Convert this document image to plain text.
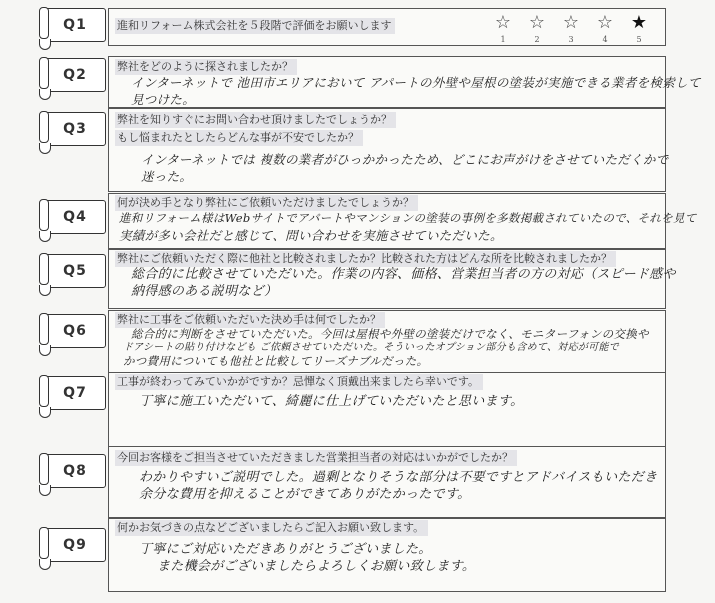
Q1	進和リフォーム株式会社を５段階で評価をお願いします	☆ ☆ ☆ ☆ ★
1	2	3	4	5
Q2
弊社をどのように探されましたか？
インターネットで 池田市エリアにおいて アパートの外壁や屋根の塗装が実施できる業者を検索して
見つけた。
Q3
弊社を知りすぐにお問い合わせ頂けましたでしょうか？
もし悩まれたとしたらどんな事が不安でしたか？
インターネットでは 複数の業者がひっかかったため、どこにお声がけをさせていただくかで
迷った。
Q4
何が決め手となり弊社にご依頼いただけましたでしょうか？
進和リフォーム様はWebサイトでアパートやマンションの塗装の事例を多数掲載されていたので、それを見て
実績が多い会社だと感じて、問い合わせを実施させていただいた。
Q5
弊社にご依頼いただく際に他社と比較されましたか？比較された方はどんな所を比較されましたか？
総合的に比較させていただいた。作業の内容、価格、営業担当者の方の対応（スピード感や
納得感のある説明など）
Q6
弊社に工事をご依頼いただいた決め手は何でしたか？
総合的に判断をさせていただいた。今回は屋根や外壁の塗装だけでなく、モニターフォンの交換や
ドアシートの貼り付けなども ご依頼させていただいた。そういったオプション部分も含めて、対応が可能で
かつ費用についても他社と比較してリーズナブルだった。
Q7
工事が終わってみていかがですか？忌憚なく頂戴出来ましたら幸いです。
丁寧に施工いただいて、綺麗に仕上げていただいたと思います。
Q8
今回お客様をご担当させていただきました営業担当者の対応はいかがでしたか？
わかりやすいご説明でした。過剰となりそうな部分は不要ですとアドバイスもいただき
余分な費用を抑えることができてありがたかったです。
Q9
何かお気づきの点などございましたらご記入お願い致します。
丁寧にご対応いただきありがとうございました。
また機会がございましたらよろしくお願い致します。
